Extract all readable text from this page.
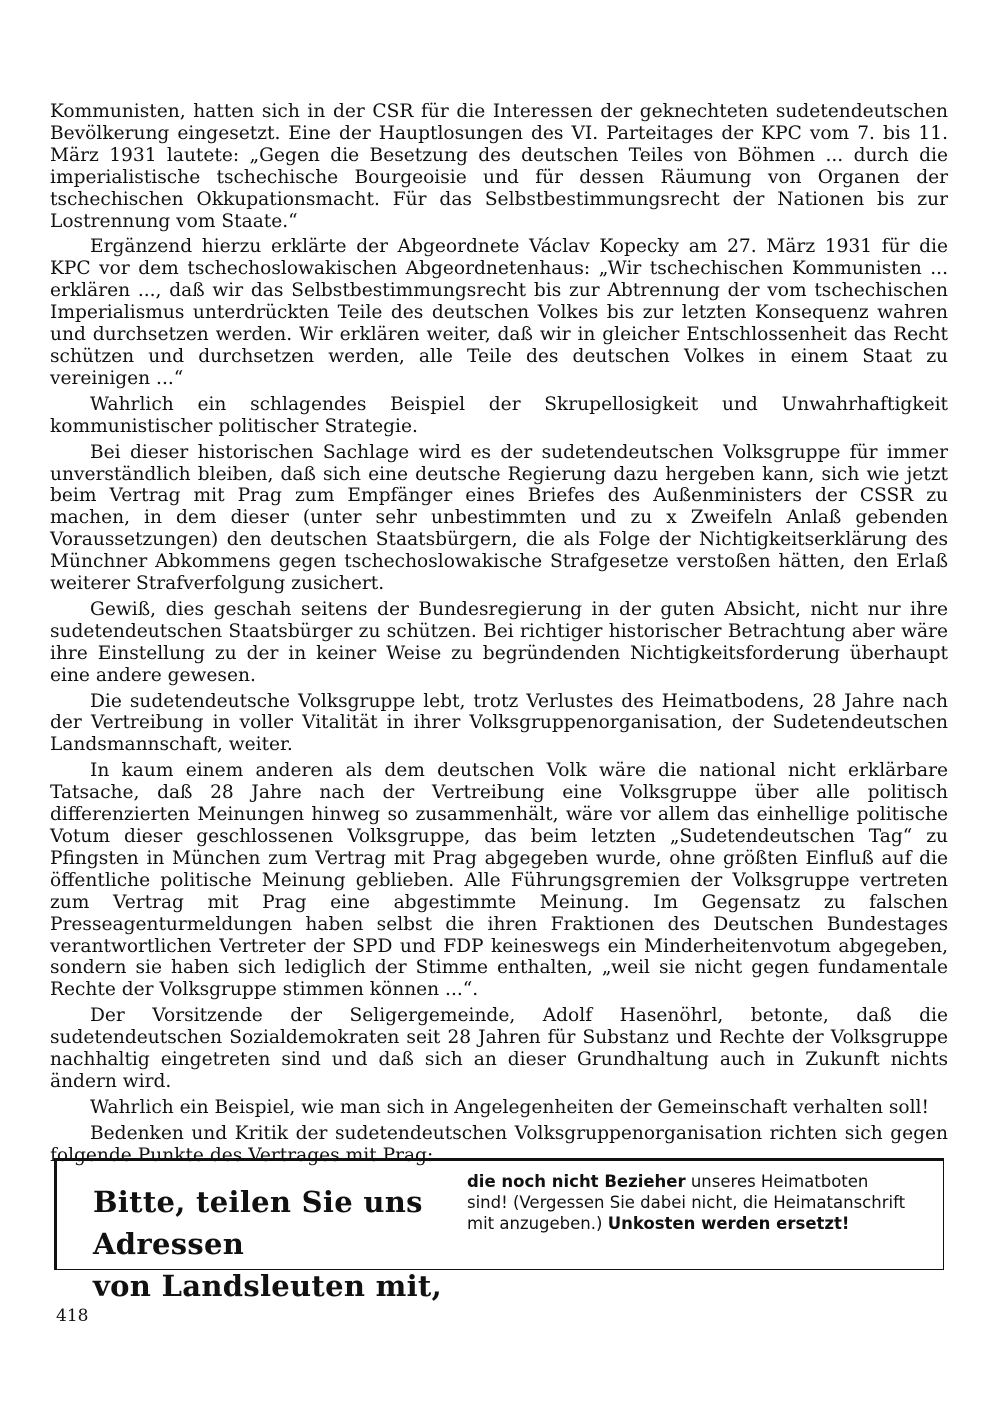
Kommunisten, hatten sich in der CSR für die Interessen der geknechteten sudetendeutschen Bevölkerung eingesetzt. Eine der Hauptlosungen des VI. Parteitages der KPC vom 7. bis 11. März 1931 lautete: „Gegen die Besetzung des deutschen Teiles von Böhmen ... durch die imperialistische tschechische Bourgeoisie und für dessen Räumung von Organen der tschechischen Okkupationsmacht. Für das Selbstbestimmungsrecht der Nationen bis zur Lostrennung vom Staate.“

Ergänzend hierzu erklärte der Abgeordnete Václav Kopecky am 27. März 1931 für die KPC vor dem tschechoslowakischen Abgeordnetenhaus: „Wir tschechischen Kommunisten ... erklären ..., daß wir das Selbstbestimmungsrecht bis zur Abtrennung der vom tschechischen Imperialismus unterdrückten Teile des deutschen Volkes bis zur letzten Konsequenz wahren und durchsetzen werden. Wir erklären weiter, daß wir in gleicher Entschlossenheit das Recht schützen und durchsetzen werden, alle Teile des deutschen Volkes in einem Staat zu vereinigen ...“

Wahrlich ein schlagendes Beispiel der Skrupellosigkeit und Unwahrhaftigkeit kommunistischer politischer Strategie.

Bei dieser historischen Sachlage wird es der sudetendeutschen Volksgruppe für immer unverständlich bleiben, daß sich eine deutsche Regierung dazu hergeben kann, sich wie jetzt beim Vertrag mit Prag zum Empfänger eines Briefes des Außenministers der CSSR zu machen, in dem dieser (unter sehr unbestimmten und zu x Zweifeln Anlaß gebenden Voraussetzungen) den deutschen Staatsbürgern, die als Folge der Nichtigkeitserklärung des Münchner Abkommens gegen tschechoslowakische Strafgesetze verstoßen hätten, den Erlaß weiterer Strafverfolgung zusichert.

Gewiß, dies geschah seitens der Bundesregierung in der guten Absicht, nicht nur ihre sudetendeutschen Staatsbürger zu schützen. Bei richtiger historischer Betrachtung aber wäre ihre Einstellung zu der in keiner Weise zu begründenden Nichtigkeitsforderung überhaupt eine andere gewesen.

Die sudetendeutsche Volksgruppe lebt, trotz Verlustes des Heimatbodens, 28 Jahre nach der Vertreibung in voller Vitalität in ihrer Volksgruppenorganisation, der Sudetendeutschen Landsmannschaft, weiter.

In kaum einem anderen als dem deutschen Volk wäre die national nicht erklärbare Tatsache, daß 28 Jahre nach der Vertreibung eine Volksgruppe über alle politisch differenzierten Meinungen hinweg so zusammenhält, wäre vor allem das einhellige politische Votum dieser geschlossenen Volksgruppe, das beim letzten „Sudetendeutschen Tag“ zu Pfingsten in München zum Vertrag mit Prag abgegeben wurde, ohne größten Einfluß auf die öffentliche politische Meinung geblieben. Alle Führungsgremien der Volksgruppe vertreten zum Vertrag mit Prag eine abgestimmte Meinung. Im Gegensatz zu falschen Presseagenturmeldungen haben selbst die ihren Fraktionen des Deutschen Bundestages verantwortlichen Vertreter der SPD und FDP keineswegs ein Minderheitenvotum abgegeben, sondern sie haben sich lediglich der Stimme enthalten, „weil sie nicht gegen fundamentale Rechte der Volksgruppe stimmen können ...“.

Der Vorsitzende der Seligergemeinde, Adolf Hasenöhrl, betonte, daß die sudetendeutschen Sozialdemokraten seit 28 Jahren für Substanz und Rechte der Volksgruppe nachhaltig eingetreten sind und daß sich an dieser Grundhaltung auch in Zukunft nichts ändern wird.

Wahrlich ein Beispiel, wie man sich in Angelegenheiten der Gemeinschaft verhalten soll!

Bedenken und Kritik der sudetendeutschen Volksgruppenorganisation richten sich gegen folgende Punkte des Vertrages mit Prag:

Bitte, teilen Sie uns Adressen
von Landsleuten mit,
die noch nicht Bezieher unseres Heimatboten sind! (Vergessen Sie dabei nicht, die Heimatanschrift mit anzugeben.) Unkosten werden ersetzt!
418
